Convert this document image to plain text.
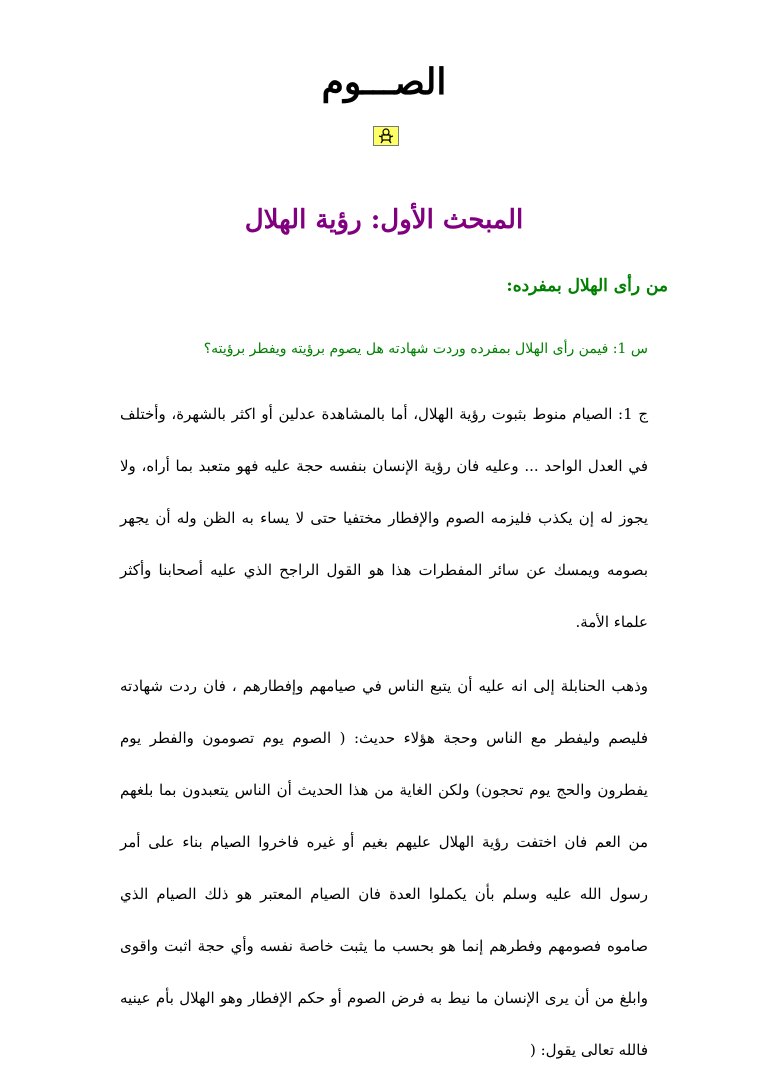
الصـــوم
المبحث الأول: رؤية الهلال
من رأى الهلال بمفرده:

س 1: فيمن رأى الهلال بمفرده وردت شهادته هل يصوم برؤيته ويفطر برؤيته؟

ج 1: الصيام منوط بثبوت رؤية الهلال، أما بالمشاهدة عدلين أو اكثر بالشهرة، وأختلف في العدل الواحد ... وعليه فان رؤية الإنسان بنفسه حجة عليه فهو متعبد بما أراه، ولا يجوز له إن يكذب فليزمه الصوم والإفطار مختفيا حتى لا يساء به الظن وله أن يجهر بصومه ويمسك عن سائر المفطرات هذا هو القول الراجح الذي عليه أصحابنا وأكثر علماء الأمة.

وذهب الحنابلة إلى انه عليه أن يتبع الناس في صيامهم وإفطارهم ، فان ردت شهادته فليصم وليفطر مع الناس وحجة هؤلاء حديث: ( الصوم يوم تصومون والفطر يوم يفطرون والحج يوم تحجون) ولكن الغاية من هذا الحديث أن الناس يتعبدون بما بلغهم من العم فان اختفت رؤية الهلال عليهم بغيم أو غيره فاخروا الصيام بناء على أمر رسول الله عليه وسلم بأن يكملوا العدة فان الصيام المعتبر هو ذلك الصيام الذي صاموه فصومهم وفطرهم إنما هو بحسب ما يثبت خاصة نفسه وأي حجة اثبت واقوى وابلغ من أن يرى الإنسان ما نيط به فرض الصوم أو حكم الإفطار وهو الهلال بأم عينيه فالله تعالى يقول: (
